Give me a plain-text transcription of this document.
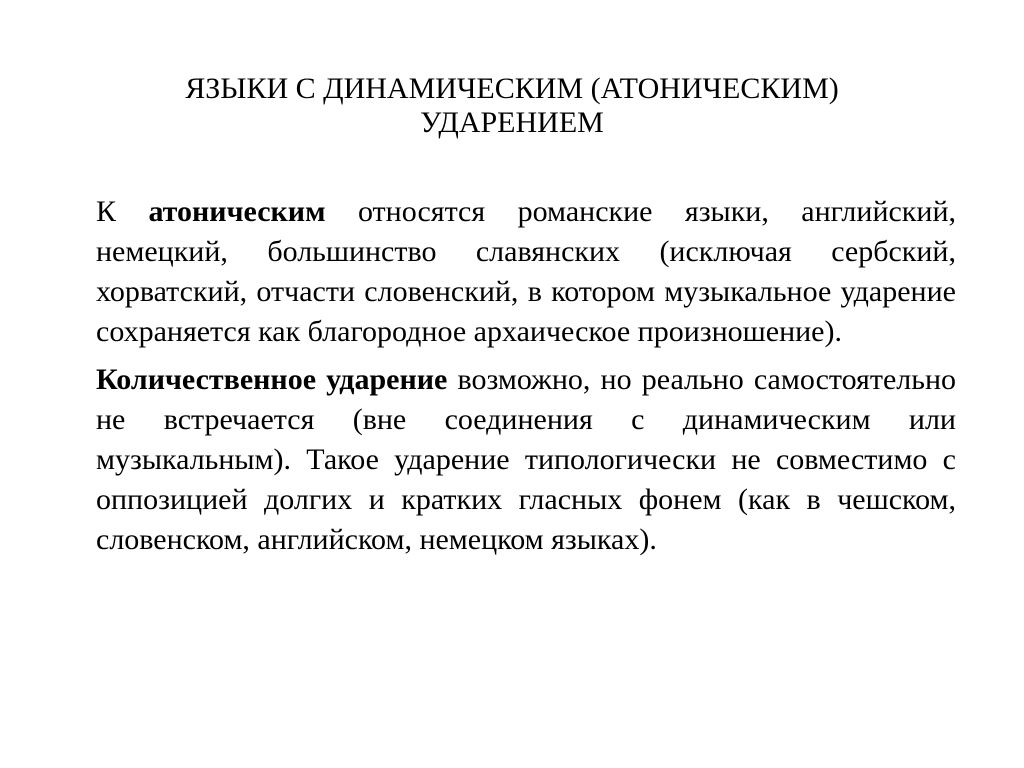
ЯЗЫКИ С ДИНАМИЧЕСКИМ (АТОНИЧЕСКИМ)
УДАРЕНИЕМ

К атоническим относятся романские языки, английский, немецкий, большинство славянских (исключая сербский, хорватский, отчасти словенский, в котором музыкальное ударение сохраняется как благородное архаическое произношение).

Количественное ударение возможно, но реально самостоятельно не встречается (вне соединения с динамическим или музыкальным). Такое ударение типологически не совместимо с оппозицией долгих и кратких гласных фонем (как в чешском, словенском, английском, немецком языках).
